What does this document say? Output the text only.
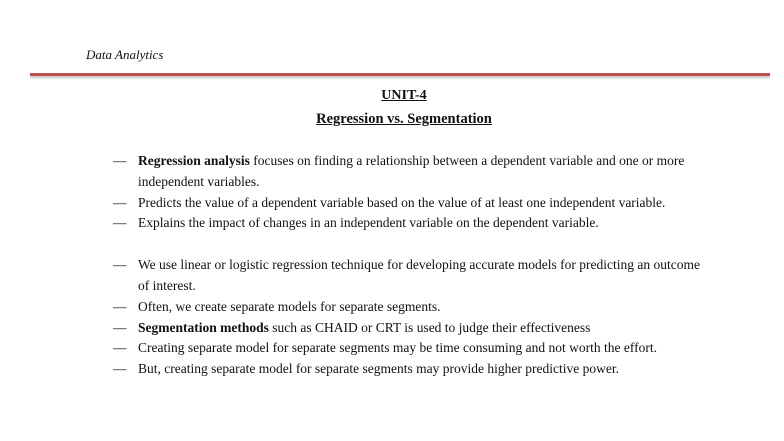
Data Analytics
UNIT-4
Regression vs. Segmentation
— Regression analysis focuses on finding a relationship between a dependent variable and one or more independent variables.
— Predicts the value of a dependent variable based on the value of at least one independent variable.
— Explains the impact of changes in an independent variable on the dependent variable.
— We use linear or logistic regression technique for developing accurate models for predicting an outcome of interest.
— Often, we create separate models for separate segments.
— Segmentation methods such as CHAID or CRT is used to judge their effectiveness
— Creating separate model for separate segments may be time consuming and not worth the effort.
— But, creating separate model for separate segments may provide higher predictive power.
